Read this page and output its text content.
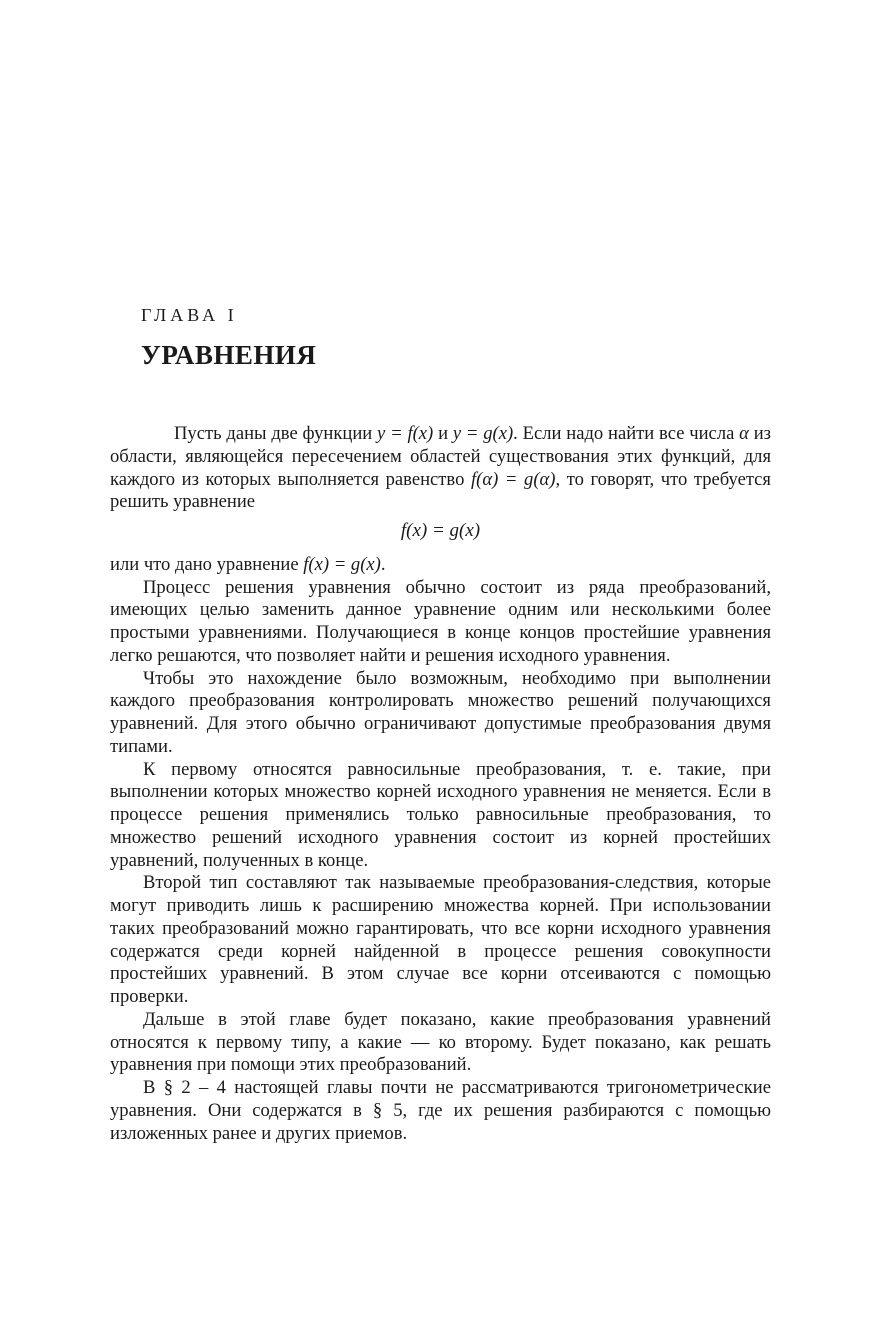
ГЛАВА I
УРАВНЕНИЯ

Пусть даны две функции y = f(x) и y = g(x). Если надо найти все числа α из области, являющейся пересечением областей существования этих функций, для каждого из которых выполняется равенство f(α) = g(α), то говорят, что требуется решить уравнение

f(x) = g(x)

или что дано уравнение f(x) = g(x).

Процесс решения уравнения обычно состоит из ряда преобразований, имеющих целью заменить данное уравнение одним или несколькими более простыми уравнениями. Получающиеся в конце концов простейшие уравнения легко решаются, что позволяет найти и решения исходного уравнения.

Чтобы это нахождение было возможным, необходимо при выполнении каждого преобразования контролировать множество решений получающихся уравнений. Для этого обычно ограничивают допустимые преобразования двумя типами.

К первому относятся равносильные преобразования, т. е. такие, при выполнении которых множество корней исходного уравнения не меняется. Если в процессе решения применялись только равносильные преобразования, то множество решений исходного уравнения состоит из корней простейших уравнений, полученных в конце.

Второй тип составляют так называемые преобразования-следствия, которые могут приводить лишь к расширению множества корней. При использовании таких преобразований можно гарантировать, что все корни исходного уравнения содержатся среди корней найденной в процессе решения совокупности простейших уравнений. В этом случае все корни отсеиваются с помощью проверки.

Дальше в этой главе будет показано, какие преобразования уравнений относятся к первому типу, а какие — ко второму. Будет показано, как решать уравнения при помощи этих преобразований.

В § 2 – 4 настоящей главы почти не рассматриваются тригонометрические уравнения. Они содержатся в § 5, где их решения разбираются с помощью изложенных ранее и других приемов.
